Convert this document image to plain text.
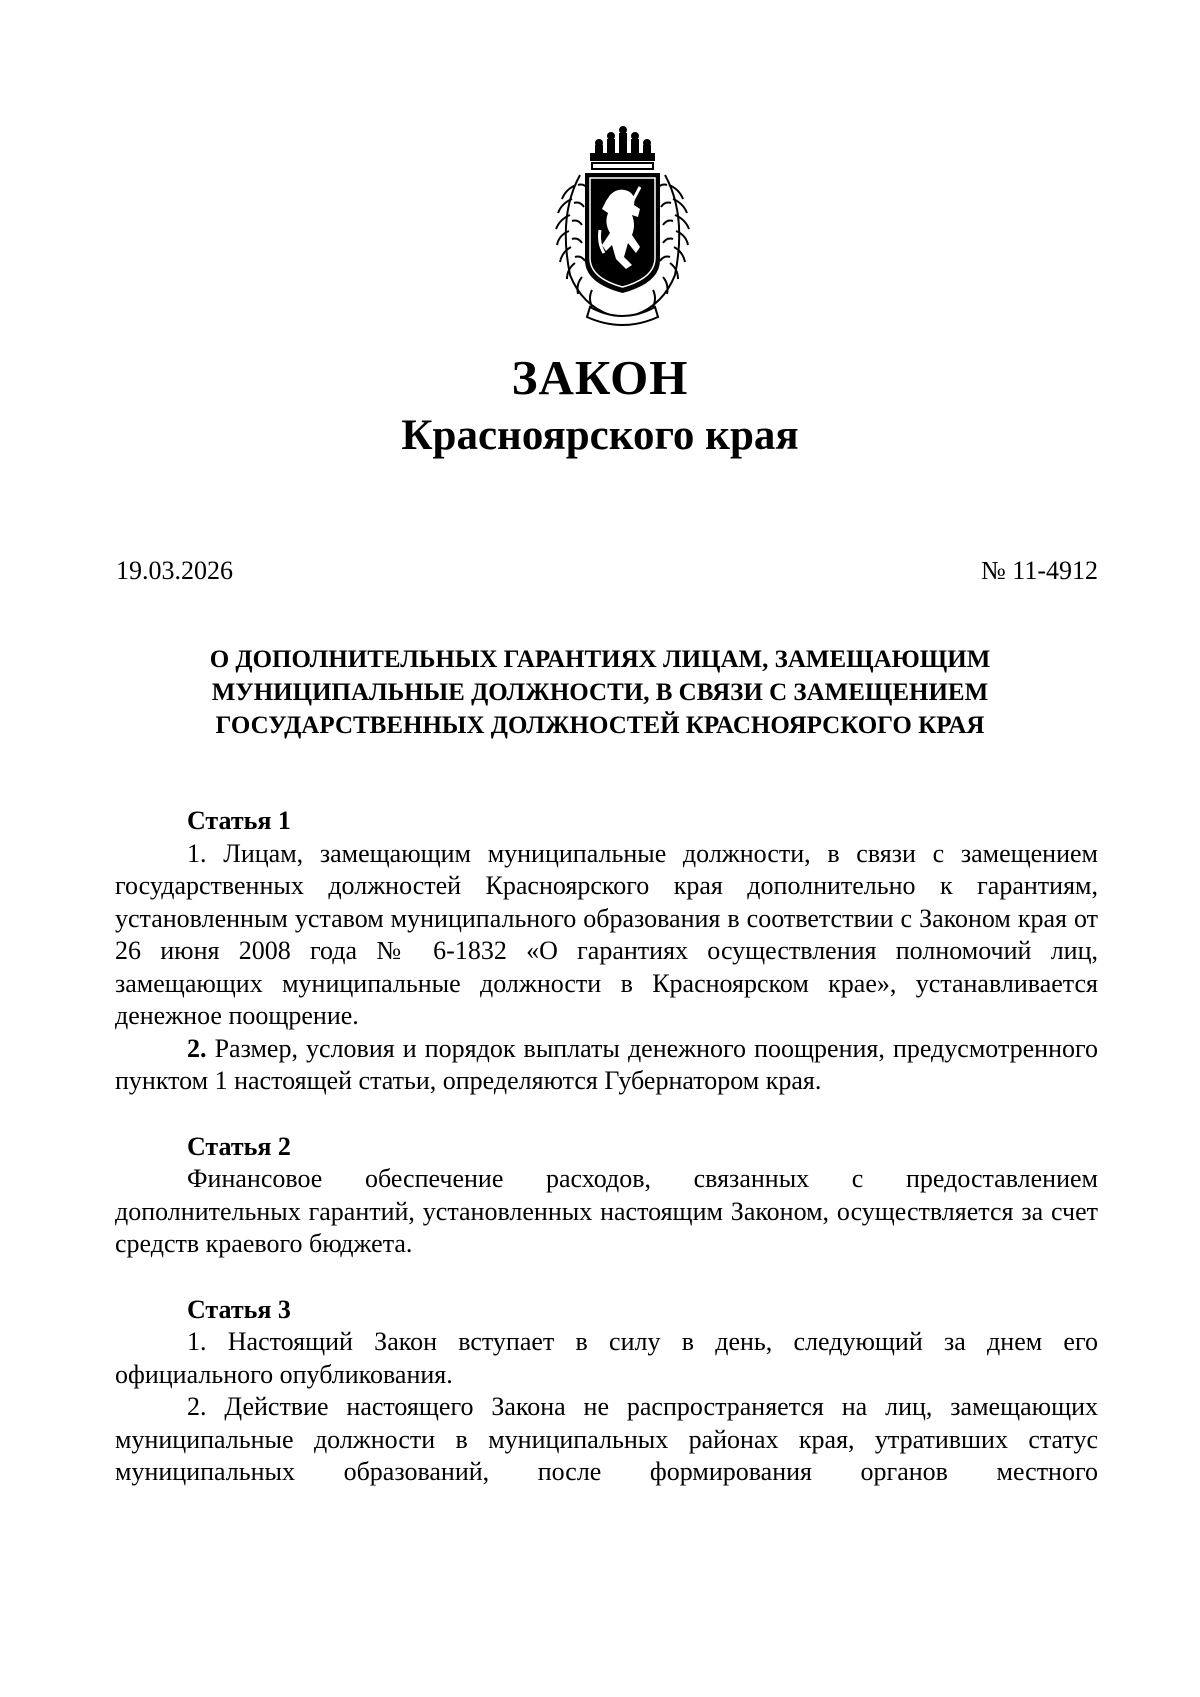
ЗАКОН
Красноярского края
19.03.2026	№ 11-4912
О ДОПОЛНИТЕЛЬНЫХ ГАРАНТИЯХ ЛИЦАМ, ЗАМЕЩАЮЩИМ
МУНИЦИПАЛЬНЫЕ ДОЛЖНОСТИ, В СВЯЗИ С ЗАМЕЩЕНИЕМ
ГОСУДАРСТВЕННЫХ ДОЛЖНОСТЕЙ КРАСНОЯРСКОГО КРАЯ
Статья 1

1. Лицам, замещающим муниципальные должности, в связи с замещением государственных должностей Красноярского края дополнительно к гарантиям, установленным уставом муниципального образования в соответствии с Законом края от 26 июня 2008 года № 6-1832 «О гарантиях осуществления полномочий лиц, замещающих муниципальные должности в Красноярском крае», устанавливается денежное поощрение.

2. Размер, условия и порядок выплаты денежного поощрения, предусмотренного пунктом 1 настоящей статьи, определяются Губернатором края.

Статья 2

Финансовое обеспечение расходов, связанных с предоставлением дополнительных гарантий, установленных настоящим Законом, осуществляется за счет средств краевого бюджета.

Статья 3

1. Настоящий Закон вступает в силу в день, следующий за днем его официального опубликования.

2. Действие настоящего Закона не распространяется на лиц, замещающих муниципальные должности в муниципальных районах края, утративших статус муниципальных образований, после формирования органов местного
